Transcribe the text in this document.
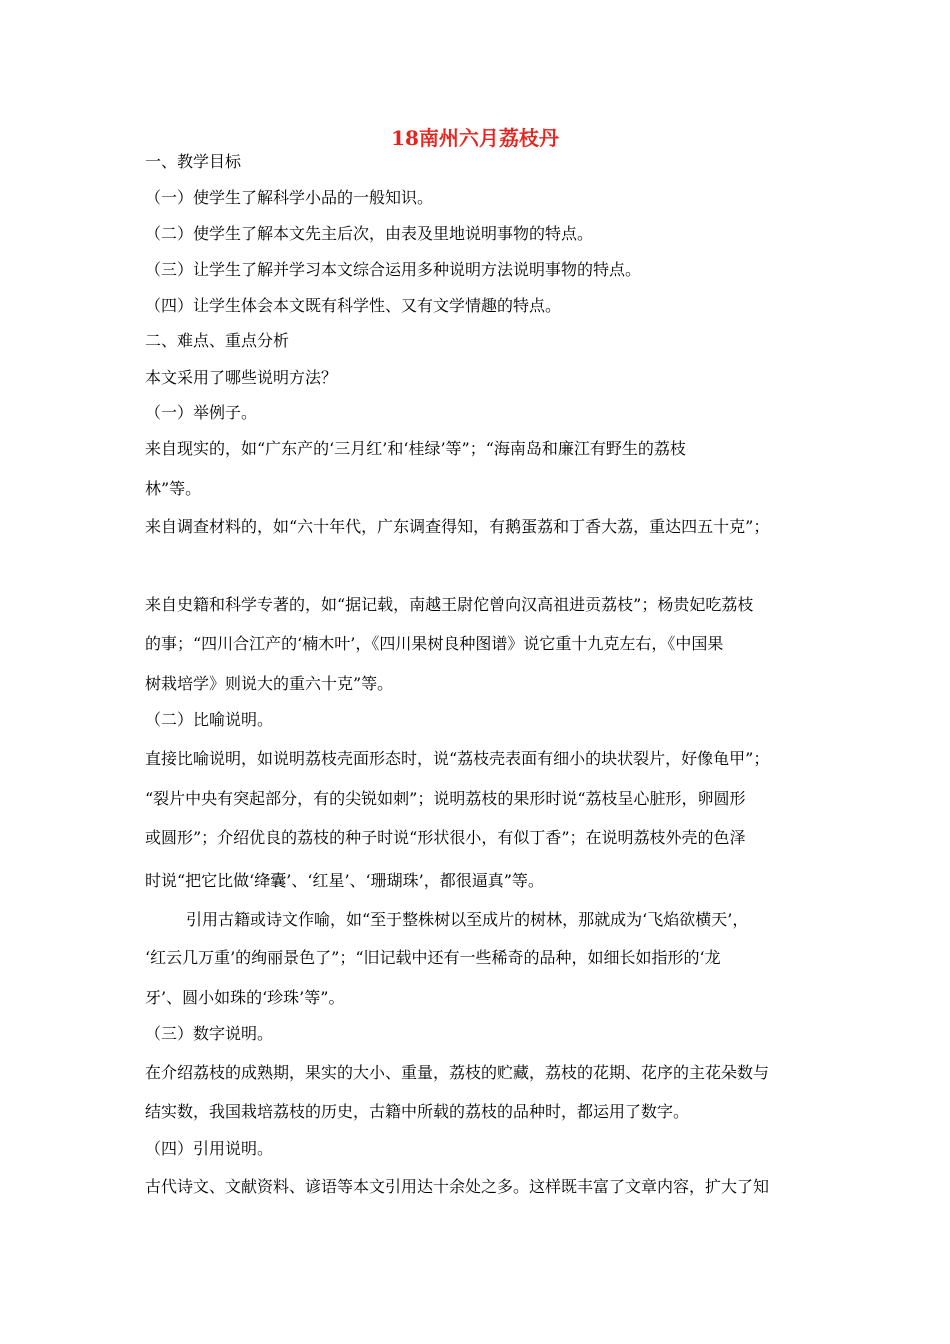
18南州六月荔枝丹
一、教学目标
（一）使学生了解科学小品的一般知识。
（二）使学生了解本文先主后次，由表及里地说明事物的特点。
（三）让学生了解并学习本文综合运用多种说明方法说明事物的特点。
（四）让学生体会本文既有科学性、又有文学情趣的特点。
二、难点、重点分析
本文采用了哪些说明方法？
（一）举例子。
来自现实的，如“广东产的‘三月红’和‘桂绿’等”；“海南岛和廉江有野生的荔枝
林”等。
来自调查材料的，如“六十年代，广东调查得知，有鹅蛋荔和丁香大荔，重达四五十克”；
来自史籍和科学专著的，如“据记载，南越王尉佗曾向汉高祖进贡荔枝”；杨贵妃吃荔枝
的事；“四川合江产的‘楠木叶’，《四川果树良种图谱》说它重十九克左右，《中国果
树栽培学》则说大的重六十克”等。
（二）比喻说明。
直接比喻说明，如说明荔枝壳面形态时，说“荔枝壳表面有细小的块状裂片，好像龟甲”；
“裂片中央有突起部分，有的尖锐如刺”；说明荔枝的果形时说“荔枝呈心脏形，卵圆形
或圆形”；介绍优良的荔枝的种子时说“形状很小，有似丁香”；在说明荔枝外壳的色泽
时说“把它比做‘绛囊’、‘红星’、‘珊瑚珠’，都很逼真”等。
引用古籍或诗文作喻，如“至于整株树以至成片的树林，那就成为‘飞焰欲横天’，
‘红云几万重’的绚丽景色了”；“旧记载中还有一些稀奇的品种，如细长如指形的‘龙
牙’、圆小如珠的‘珍珠’等”。
（三）数字说明。
在介绍荔枝的成熟期，果实的大小、重量，荔枝的贮藏，荔枝的花期、花序的主花朵数与
结实数，我国栽培荔枝的历史，古籍中所载的荔枝的品种时，都运用了数字。
（四）引用说明。
古代诗文、文献资料、谚语等本文引用达十余处之多。这样既丰富了文章内容，扩大了知
